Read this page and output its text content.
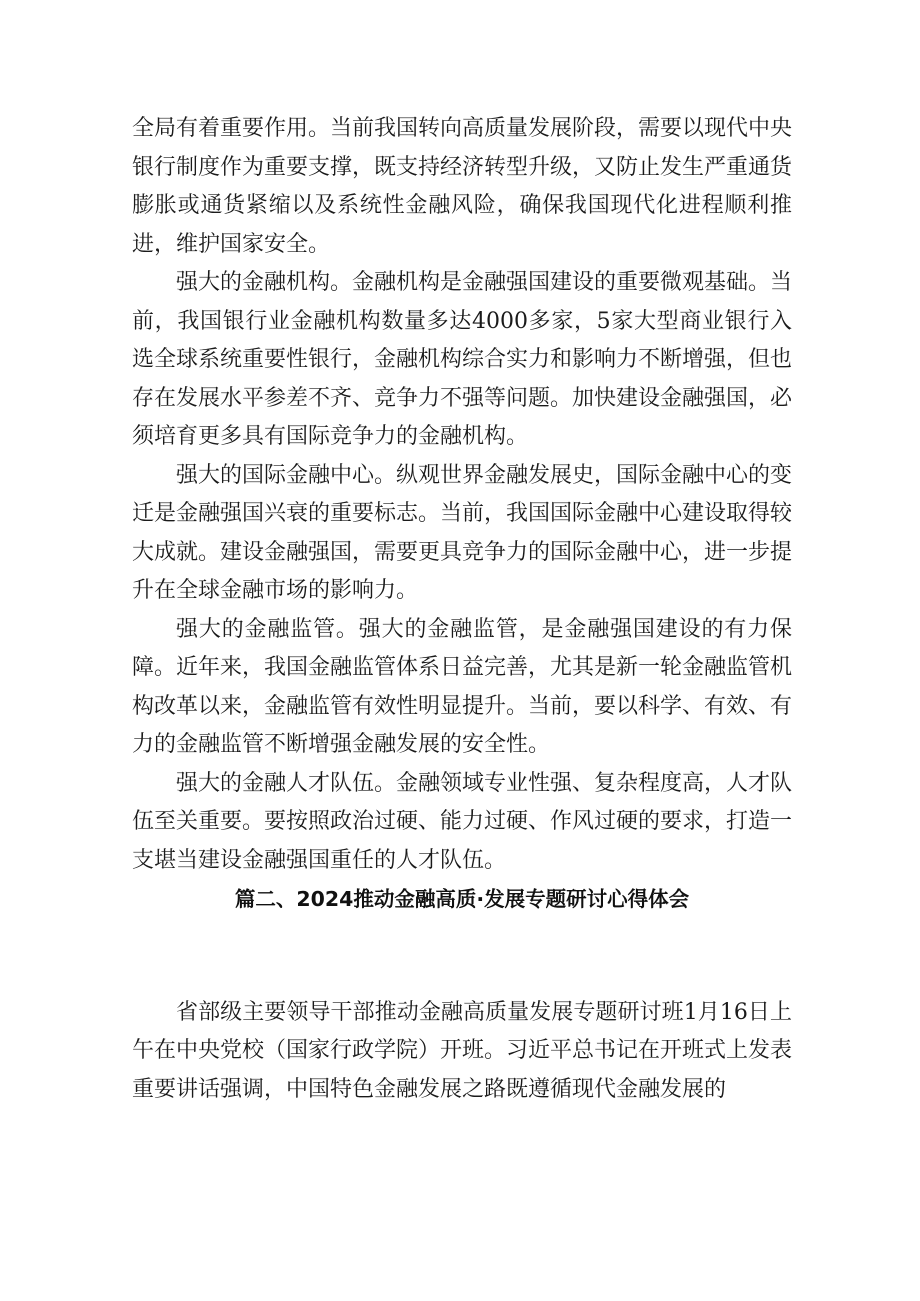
全局有着重要作用。当前我国转向高质量发展阶段，需要以现代中央银行制度作为重要支撑，既支持经济转型升级，又防止发生严重通货膨胀或通货紧缩以及系统性金融风险，确保我国现代化进程顺利推进，维护国家安全。

强大的金融机构。金融机构是金融强国建设的重要微观基础。当前，我国银行业金融机构数量多达4000多家，5家大型商业银行入选全球系统重要性银行，金融机构综合实力和影响力不断增强，但也存在发展水平参差不齐、竞争力不强等问题。加快建设金融强国，必须培育更多具有国际竞争力的金融机构。

强大的国际金融中心。纵观世界金融发展史，国际金融中心的变迁是金融强国兴衰的重要标志。当前，我国国际金融中心建设取得较大成就。建设金融强国，需要更具竞争力的国际金融中心，进一步提升在全球金融市场的影响力。

强大的金融监管。强大的金融监管，是金融强国建设的有力保障。近年来，我国金融监管体系日益完善，尤其是新一轮金融监管机构改革以来，金融监管有效性明显提升。当前，要以科学、有效、有力的金融监管不断增强金融发展的安全性。

强大的金融人才队伍。金融领域专业性强、复杂程度高，人才队伍至关重要。要按照政治过硬、能力过硬、作风过硬的要求，打造一支堪当建设金融强国重任的人才队伍。

篇二、2024推动金融高质·发展专题研讨心得体会

省部级主要领导干部推动金融高质量发展专题研讨班1月16日上午在中央党校（国家行政学院）开班。习近平总书记在开班式上发表重要讲话强调，中国特色金融发展之路既遵循现代金融发展的
